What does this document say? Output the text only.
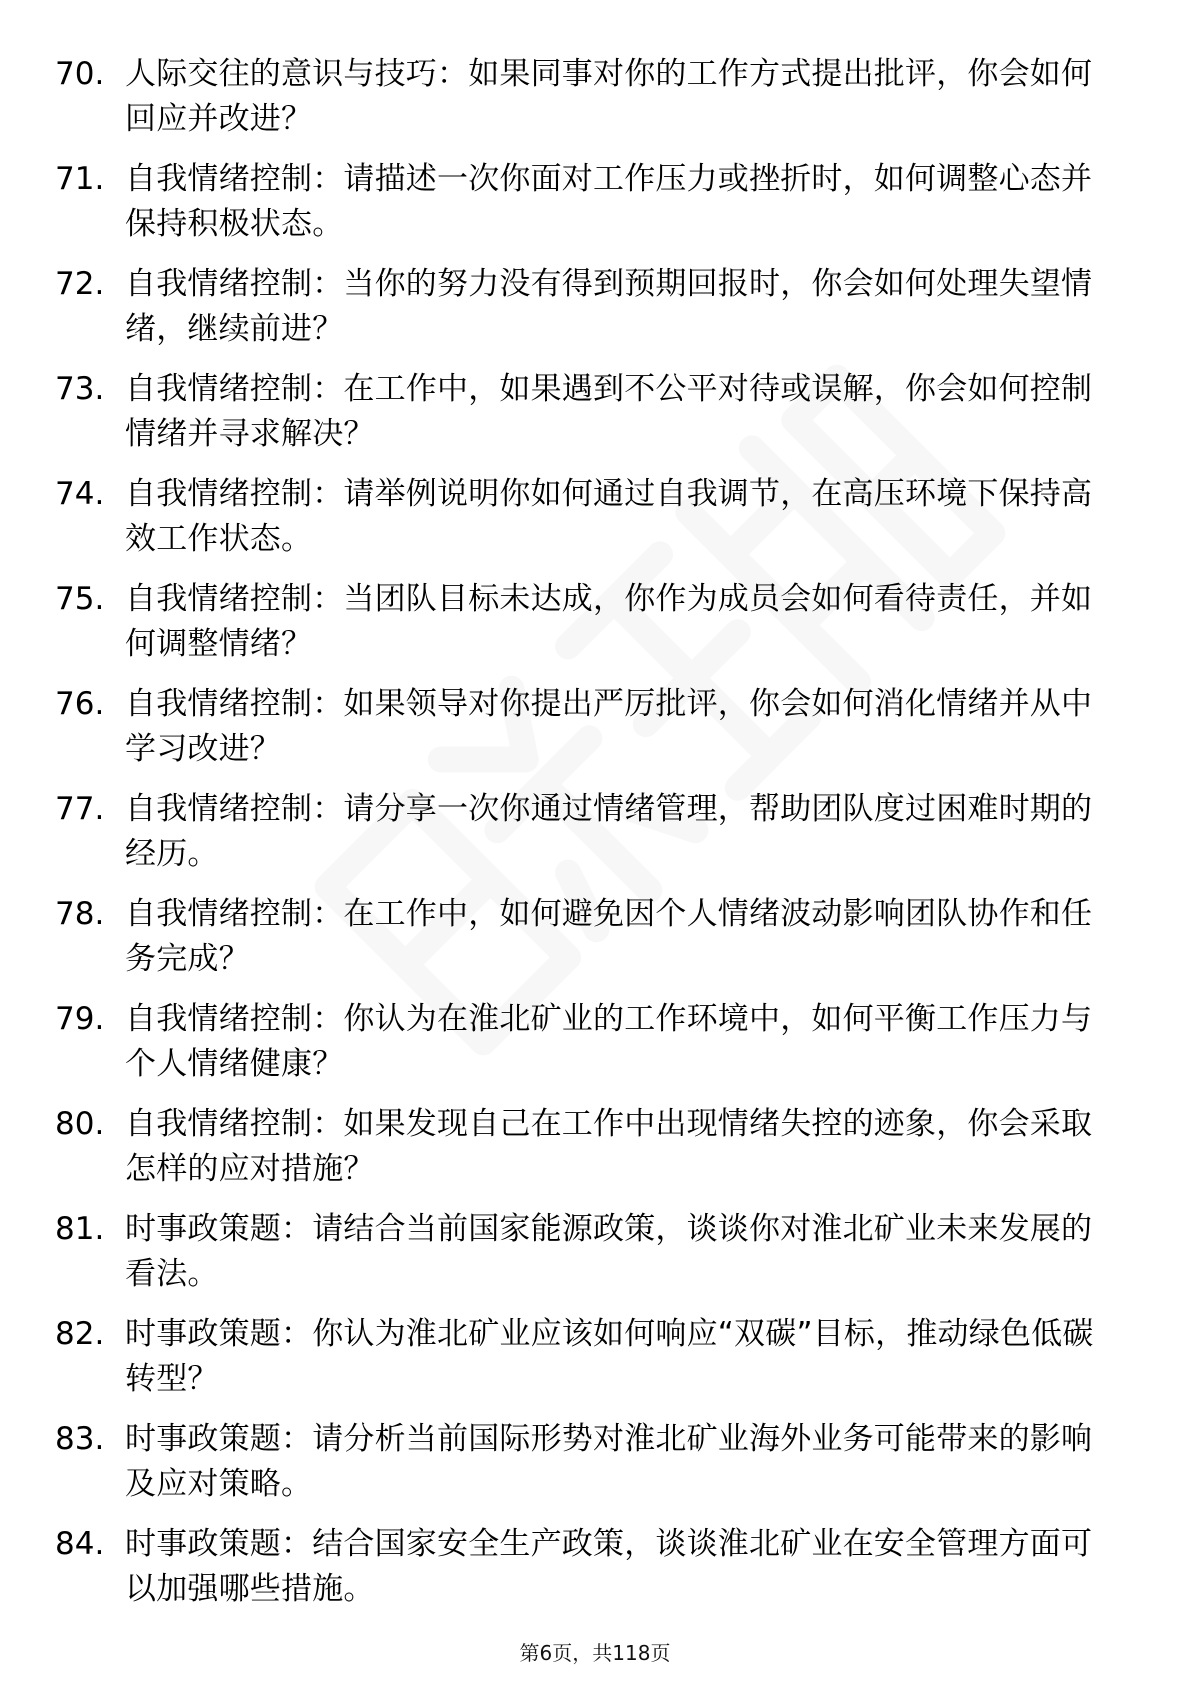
70. 人际交往的意识与技巧：如果同事对你的工作方式提出批评，你会如何回应并改进？
71. 自我情绪控制：请描述一次你面对工作压力或挫折时，如何调整心态并保持积极状态。
72. 自我情绪控制：当你的努力没有得到预期回报时，你会如何处理失望情绪，继续前进？
73. 自我情绪控制：在工作中，如果遇到不公平对待或误解，你会如何控制情绪并寻求解决？
74. 自我情绪控制：请举例说明你如何通过自我调节，在高压环境下保持高效工作状态。
75. 自我情绪控制：当团队目标未达成，你作为成员会如何看待责任，并如何调整情绪？
76. 自我情绪控制：如果领导对你提出严厉批评，你会如何消化情绪并从中学习改进？
77. 自我情绪控制：请分享一次你通过情绪管理，帮助团队度过困难时期的经历。
78. 自我情绪控制：在工作中，如何避免因个人情绪波动影响团队协作和任务完成？
79. 自我情绪控制：你认为在淮北矿业的工作环境中，如何平衡工作压力与个人情绪健康？
80. 自我情绪控制：如果发现自己在工作中出现情绪失控的迹象，你会采取怎样的应对措施？
81. 时事政策题：请结合当前国家能源政策，谈谈你对淮北矿业未来发展的看法。
82. 时事政策题：你认为淮北矿业应该如何响应“双碳”目标，推动绿色低碳转型？
83. 时事政策题：请分析当前国际形势对淮北矿业海外业务可能带来的影响及应对策略。
84. 时事政策题：结合国家安全生产政策，谈谈淮北矿业在安全管理方面可以加强哪些措施。
第6页，共118页
